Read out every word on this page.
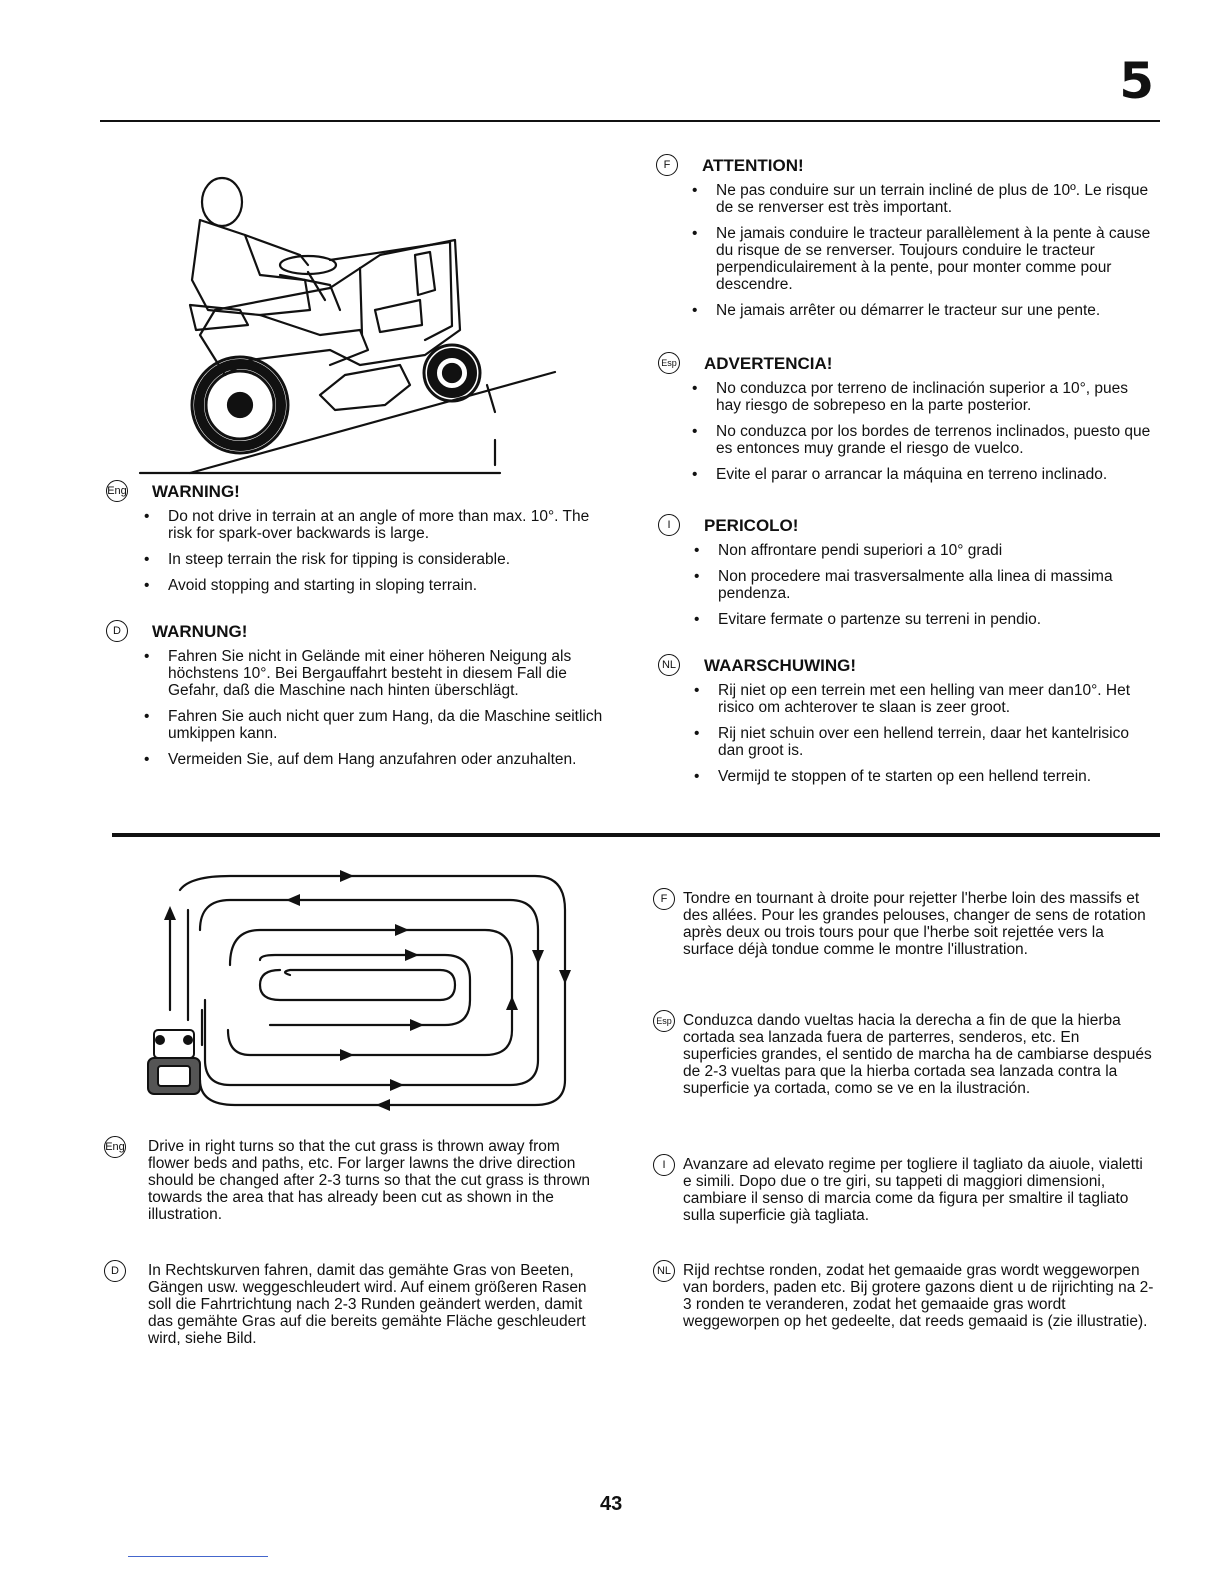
5
Eng WARNING!
• Do not drive in terrain at an angle of more than max. 10°. The risk for spark-over backwards is large.
• In steep terrain the risk for tipping is considerable.
• Avoid stopping and starting in sloping terrain.
D	WARNUNG!
• Fahren Sie nicht in Gelände mit einer höheren Neigung als höchstens 10°. Bei Bergauffahrt besteht in diesem Fall die Gefahr, daß die Maschine nach hinten überschlägt.
• Fahren Sie auch nicht quer zum Hang, da die Maschine seitlich umkippen kann.
• Vermeiden Sie, auf dem Hang anzufahren oder anzuhalten.
F	ATTENTION!
• Ne pas conduire sur un terrain incliné de plus de 10º. Le risque de se renverser est très important.
• Ne jamais conduire le tracteur parallèlement à la pente à cause du risque de se renverser. Toujours conduire le tracteur perpendiculairement à la pente, pour monter comme pour descendre.
• Ne jamais arrêter ou démarrer le tracteur sur une pente.
Esp ADVERTENCIA!
• No conduzca por terreno de inclinación superior a 10°, pues hay riesgo de sobrepeso en la parte posterior.
• No conduzca por los bordes de terrenos inclinados, puesto que es entonces muy grande el riesgo de vuelco.
• Evite el parar o arrancar la máquina en terreno inclinado.
I	PERICOLO!
• Non affrontare pendi superiori a 10° gradi
• Non procedere mai trasversalmente alla linea di massima pendenza.
• Evitare fermate o partenze su terreni in pendio.
NL WAARSCHUWING!
• Rij niet op een terrein met een helling van meer dan10°. Het risico om achterover te slaan is zeer groot.
• Rij niet schuin over een hellend terrein, daar het kantelrisico dan groot is.
• Vermijd te stoppen of te starten op een hellend terrein.
Eng Drive in right turns so that the cut grass is thrown away from flower beds and paths, etc. For larger lawns the drive direction should be changed after 2-3 turns so that the cut grass is thrown towards the area that has already been cut as shown in the illustration.
D	In Rechtskurven fahren, damit das gemähte Gras von Beeten, Gängen usw. weggeschleudert wird. Auf einem größeren Rasen soll die Fahrtrichtung nach 2-3 Runden geändert werden, damit das gemähte Gras auf die bereits gemähte Fläche geschleudert wird, siehe Bild.
F	Tondre en tournant à droite pour rejetter l'herbe loin des massifs et des allées. Pour les grandes pelouses, changer de sens de rotation après deux ou trois tours pour que l'herbe soit rejettée vers la surface déjà tondue comme le montre l'illustration.
Esp Conduzca dando vueltas hacia la derecha a fin de que la hierba cortada sea lanzada fuera de parterres, senderos, etc. En superficies grandes, el sentido de marcha ha de cambiarse después de 2-3 vueltas para que la hierba cortada sea lanzada contra la superficie ya cortada, como se ve en la ilustración.
I	Avanzare ad elevato regime per togliere il tagliato da aiuole, vialetti e simili. Dopo due o tre giri, su tappeti di maggiori dimensioni, cambiare il senso di marcia come da figura per smaltire il tagliato sulla superficie già tagliata.
NL Rijd rechtse ronden, zodat het gemaaide gras wordt weggeworpen van borders, paden etc. Bij grotere gazons dient u de rijrichting na 2-3 ronden te veranderen, zodat het gemaaide gras wordt weggeworpen op het gedeelte, dat reeds gemaaid is (zie illustratie).
43
